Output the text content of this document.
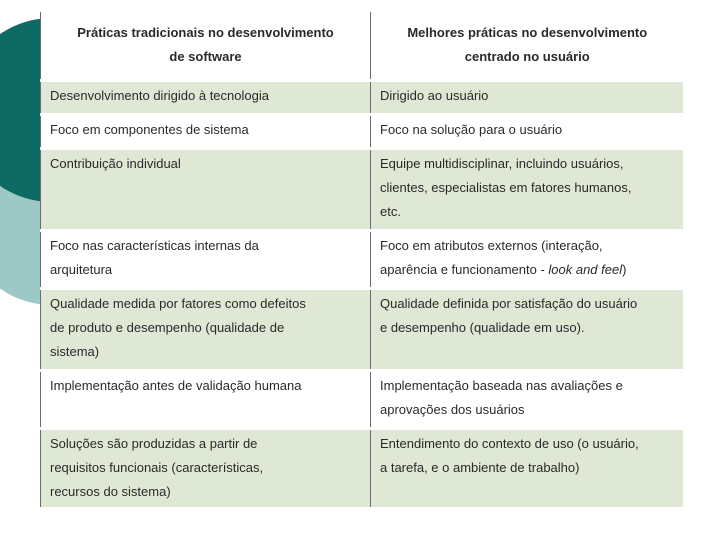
Práticas tradicionais no desenvolvimento
de software	Melhores práticas no desenvolvimento
centrado no usuário

Desenvolvimento dirigido à tecnologia	Dirigido ao usuário

Foco em componentes de sistema	Foco na solução para o usuário

Contribuição individual	Equipe multidisciplinar, incluindo usuários,
clientes, especialistas em fatores humanos,
etc.

Foco nas características internas da
arquitetura	Foco em atributos externos (interação,
aparência e funcionamento - look and feel)

Qualidade medida por fatores como defeitos
de produto e desempenho (qualidade de
sistema)	Qualidade definida por satisfação do usuário
e desempenho (qualidade em uso).

Implementação antes de validação humana	Implementação baseada nas avaliações e
aprovações dos usuários

Soluções são produzidas a partir de
requisitos funcionais (características,
recursos do sistema)	Entendimento do contexto de uso (o usuário,
a tarefa, e o ambiente de trabalho)
